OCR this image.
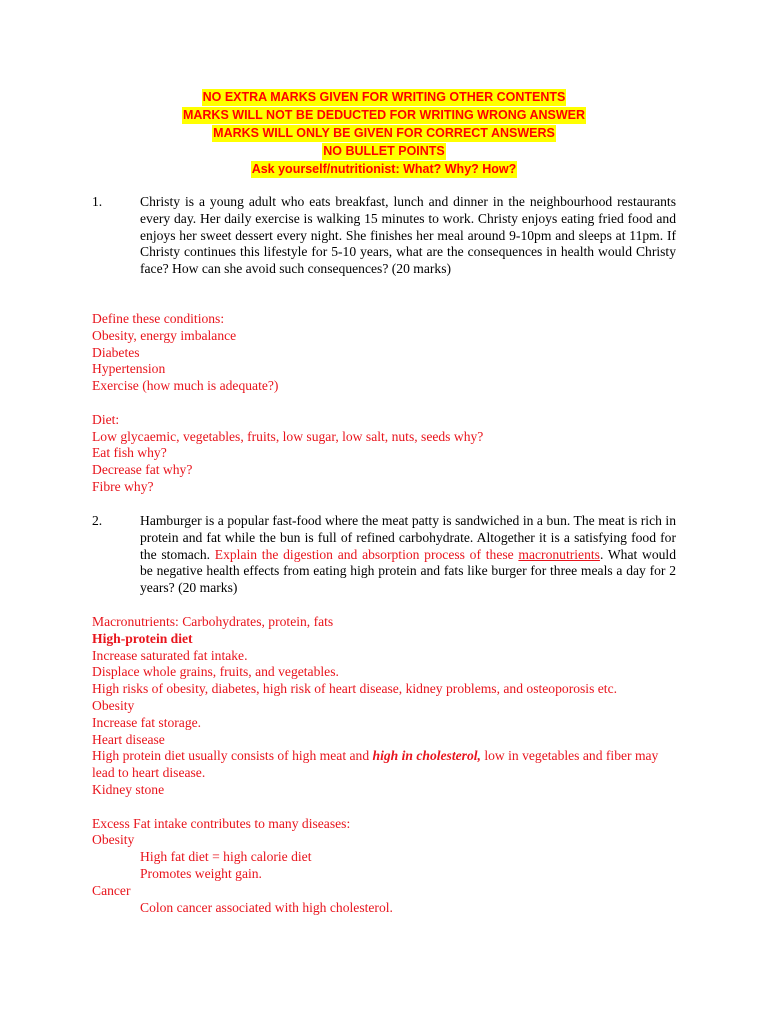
NO EXTRA MARKS GIVEN FOR WRITING OTHER CONTENTS
MARKS WILL NOT BE DEDUCTED FOR WRITING WRONG ANSWER
MARKS WILL ONLY BE GIVEN FOR CORRECT ANSWERS
NO BULLET POINTS
Ask yourself/nutritionist: What? Why? How?
1.	Christy is a young adult who eats breakfast, lunch and dinner in the neighbourhood restaurants every day. Her daily exercise is walking 15 minutes to work. Christy enjoys eating fried food and enjoys her sweet dessert every night. She finishes her meal around 9-10pm and sleeps at 11pm. If Christy continues this lifestyle for 5-10 years, what are the consequences in health would Christy face? How can she avoid such consequences? (20 marks)
Define these conditions:
Obesity, energy imbalance
Diabetes
Hypertension
Exercise (how much is adequate?)

Diet:
Low glycaemic, vegetables, fruits, low sugar, low salt, nuts, seeds why?
Eat fish why?
Decrease fat why?
Fibre why?
2.	Hamburger is a popular fast-food where the meat patty is sandwiched in a bun. The meat is rich in protein and fat while the bun is full of refined carbohydrate. Altogether it is a satisfying food for the stomach. Explain the digestion and absorption process of these macronutrients. What would be negative health effects from eating high protein and fats like burger for three meals a day for 2 years? (20 marks)
Macronutrients: Carbohydrates, protein, fats
High-protein diet
Increase saturated fat intake.
Displace whole grains, fruits, and vegetables.
High risks of obesity, diabetes, high risk of heart disease, kidney problems, and osteoporosis etc.
Obesity
Increase fat storage.
Heart disease
High protein diet usually consists of high meat and high in cholesterol, low in vegetables and fiber may lead to heart disease.
Kidney stone

Excess Fat intake contributes to many diseases:
Obesity
High fat diet = high calorie diet
Promotes weight gain.
Cancer
Colon cancer associated with high cholesterol.
